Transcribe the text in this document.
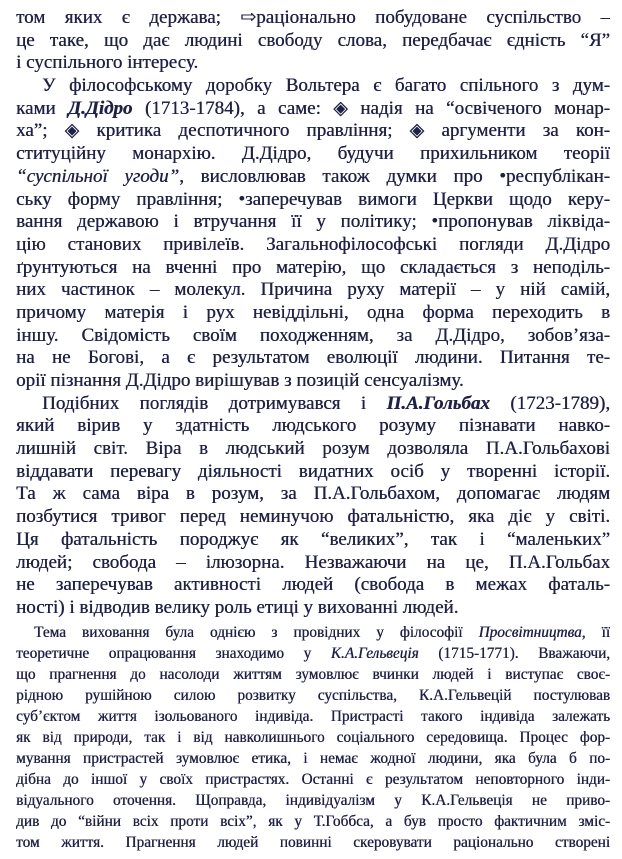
том яких є держава; ⇨раціонально побудоване суспільство –
це таке, що дає людині свободу слова, передбачає єдність “Я”
і суспільного інтересу.
У філософському доробку Вольтера є багато спільного з дум-
ками Д.Дідро (1713-1784), а саме: ◈ надія на “освіченого монар-
ха”; ◈ критика деспотичного правління; ◈ аргументи за кон-
ституційну монархію. Д.Дідро, будучи прихильником теорії
“суспільної угоди”, висловлював також думки про •республікан-
ську форму правління; •заперечував вимоги Церкви щодо керу-
вання державою і втручання її у політику; •пропонував ліквіда-
цію станових привілеїв. Загальнофілософські погляди Д.Дідро
ґрунтуються на вченні про матерію, що складається з неподіль-
них частинок – молекул. Причина руху матерії – у ній самій,
причому матерія і рух невіддільні, одна форма переходить в
іншу. Свідомість своїм походженням, за Д.Дідро, зобов’яза-
на не Богові, а є результатом еволюції людини. Питання те-
орії пізнання Д.Дідро вирішував з позицій сенсуалізму.
Подібних поглядів дотримувався і П.А.Гольбах (1723-1789),
який вірив у здатність людського розуму пізнавати навко-
лишній світ. Віра в людський розум дозволяла П.А.Гольбахові
віддавати перевагу діяльності видатних осіб у творенні історії.
Та ж сама віра в розум, за П.А.Гольбахом, допомагає людям
позбутися тривог перед неминучою фатальністю, яка діє у світі.
Ця фатальність породжує як “великих”, так і “маленьких”
людей; свобода – ілюзорна. Незважаючи на це, П.А.Гольбах
не заперечував активності людей (свобода в межах фаталь-
ності) і відводив велику роль етиці у вихованні людей.
Тема виховання була однією з провідних у філософії Просвітництва, її
теоретичне опрацювання знаходимо у К.А.Гельвеція (1715-1771). Вважаючи,
що прагнення до насолоди життям зумовлює вчинки людей і виступає своє-
рідною рушійною силою розвитку суспільства, К.А.Гельвецій постулював
суб’єктом життя ізольованого індивіда. Пристрасті такого індивіда залежать
як від природи, так і від навколишнього соціального середовища. Процес фор-
мування пристрастей зумовлює етика, і немає жодної людини, яка була б по-
дібна до іншої у своїх пристрастях. Останні є результатом неповторного інди-
відуального оточення. Щоправда, індивідуалізм у К.А.Гельвеція не приво-
див до “війни всіх проти всіх”, як у Т.Гоббса, а був просто фактичним зміс-
том життя. Прагнення людей повинні скеровувати раціонально створені
